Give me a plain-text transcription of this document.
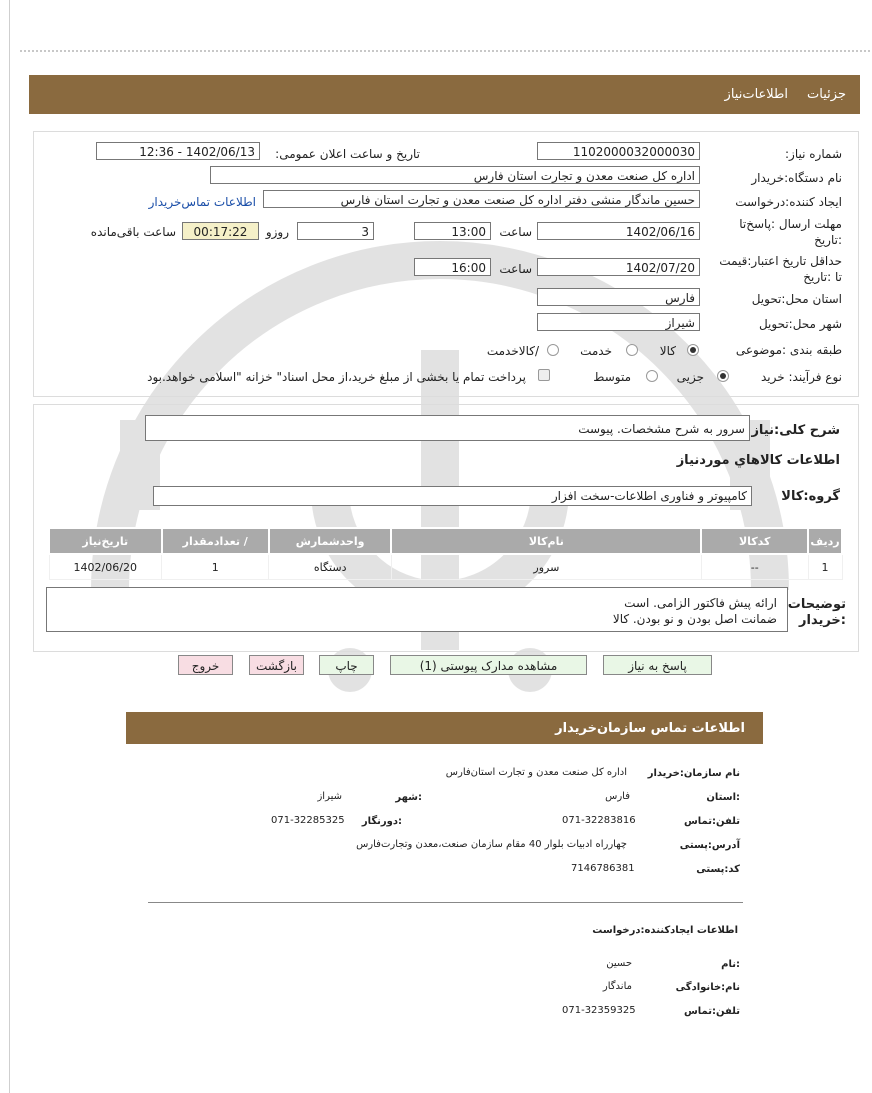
جزئیات
اطلاعات‌نیاز
شماره نیاز:
1102000032000030
تاریخ و ساعت اعلان عمومی:
1402/06/13 - 12:36
نام دستگاه:خریدار
اداره کل صنعت معدن و تجارت استان فارس
ایجاد کننده:درخواست
حسین ماندگار منشی دفتر اداره کل صنعت معدن و تجارت استان فارس
اطلاعات تماس‌خریدار
مهلت ارسال :پاسخ‌تا
:تاریخ
1402/06/16
ساعت
13:00
3
روزو
00:17:22
ساعت باقی‌مانده
حداقل تاریخ اعتبار:قیمت
تا :تاریخ
1402/07/20
ساعت
16:00
استان محل:تحویل
فارس
شهر محل:تحویل
شیراز
طبقه بندی :موضوعی
کالا
خدمت
/کالاخدمت
نوع فرآیند: خرید
جزیی
متوسط
پرداخت تمام یا بخشی از مبلغ خرید،از محل اسناد" خزانه "اسلامی خواهد.بود
شرح کلی:نیاز
سرور به شرح مشخصات. پیوست
اطلاعات کالاهاي موردنياز
گروه:کالا
کامپیوتر و فناوری اطلاعات-سخت افزار
ردیف	کدکالا	نام‌کالا	واحدشمارش	/ تعدادمقدار	تاریخ‌نیاز
1	--	سرور	دستگاه	1	1402/06/20
توضیحات
:خریدار
ارائه پیش فاکتور الزامی. است
ضمانت اصل بودن و نو بودن. کالا
پاسخ به نیاز
مشاهده مدارک پیوستی (1)
چاپ
بازگشت
خروج
اطلاعات تماس سازمان‌خریدار
نام سازمان:خریدار
اداره کل صنعت معدن و تجارت استان‌فارس
:استان
فارس
:شهر
شیراز
تلفن:تماس
071-32283816
:دورنگار
071-32285325
آدرس:پستی
چهارراه ادبیات بلوار 40 مقام سازمان صنعت،معدن وتجارت‌فارس
کد:پستی
7146786381
اطلاعات ایجادکننده:درخواست
:نام
حسین
نام:خانوادگی
ماندگار
تلفن:تماس
071-32359325
